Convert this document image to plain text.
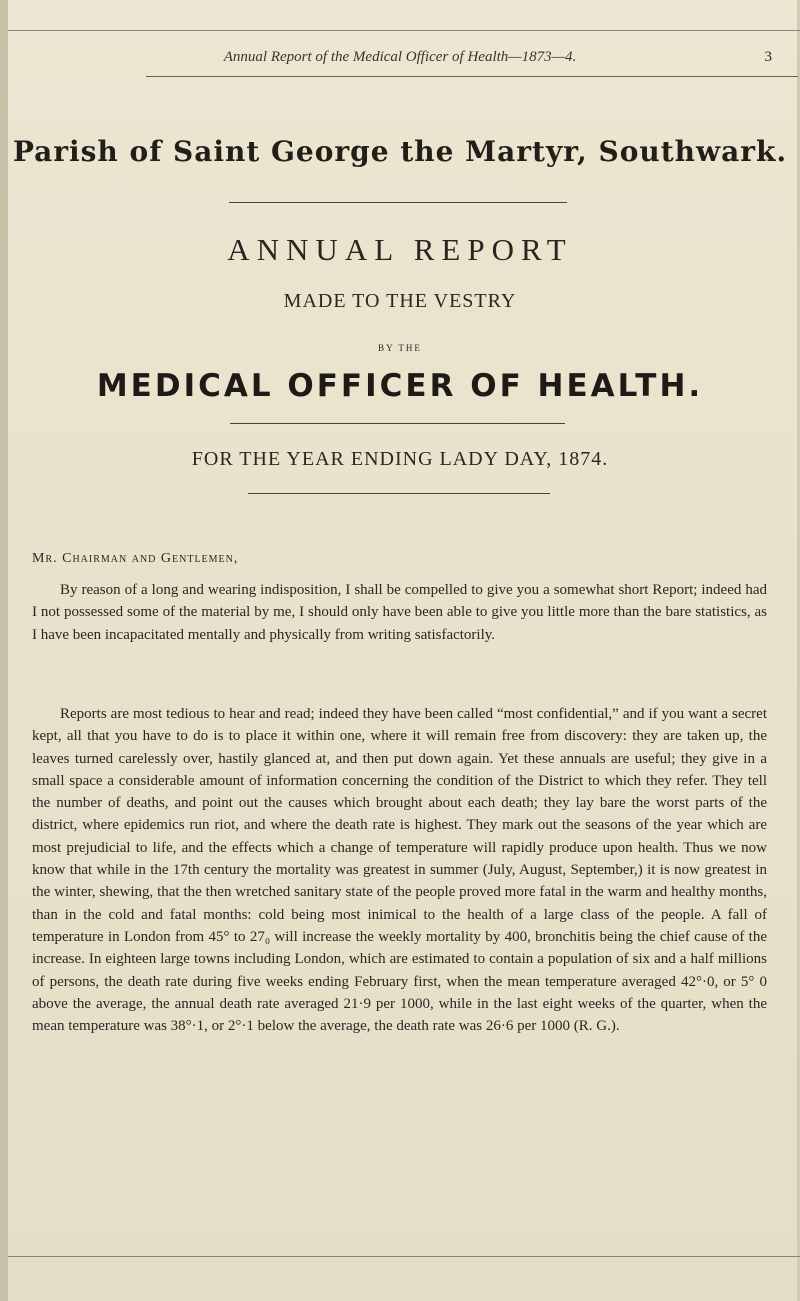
Annual Report of the Medical Officer of Health—1873—4.	3
Parish of Saint George the Martyr, Southwark.
ANNUAL REPORT
MADE TO THE VESTRY
BY THE
MEDICAL OFFICER OF HEALTH.
FOR THE YEAR ENDING LADY DAY, 1874.
Mr. Chairman and Gentlemen,

By reason of a long and wearing indisposition, I shall be compelled to give you a somewhat short Report; indeed had I not possessed some of the material by me, I should only have been able to give you little more than the bare statistics, as I have been incapacitated mentally and physically from writing satisfactorily.

Reports are most tedious to hear and read; indeed they have been called “most confidential,” and if you want a secret kept, all that you have to do is to place it within one, where it will remain free from discovery: they are taken up, the leaves turned carelessly over, hastily glanced at, and then put down again. Yet these annuals are useful; they give in a small space a considerable amount of information concerning the condition of the District to which they refer. They tell the number of deaths, and point out the causes which brought about each death; they lay bare the worst parts of the district, where epidemics run riot, and where the death rate is highest. They mark out the seasons of the year which are most prejudicial to life, and the effects which a change of temperature will rapidly produce upon health. Thus we now know that while in the 17th century the mortality was greatest in summer (July, August, September,) it is now greatest in the winter, shewing, that the then wretched sanitary state of the people proved more fatal in the warm and healthy months, than in the cold and fatal months: cold being most inimical to the health of a large class of the people. A fall of temperature in London from 45° to 27₀ will increase the weekly mortality by 400, bronchitis being the chief cause of the increase. In eighteen large towns including London, which are estimated to contain a population of six and a half millions of persons, the death rate during five weeks ending February first, when the mean temperature averaged 42°·0, or 5° 0 above the average, the annual death rate averaged 21·9 per 1000, while in the last eight weeks of the quarter, when the mean temperature was 38°·1, or 2°·1 below the average, the death rate was 26·6 per 1000 (R. G.).
